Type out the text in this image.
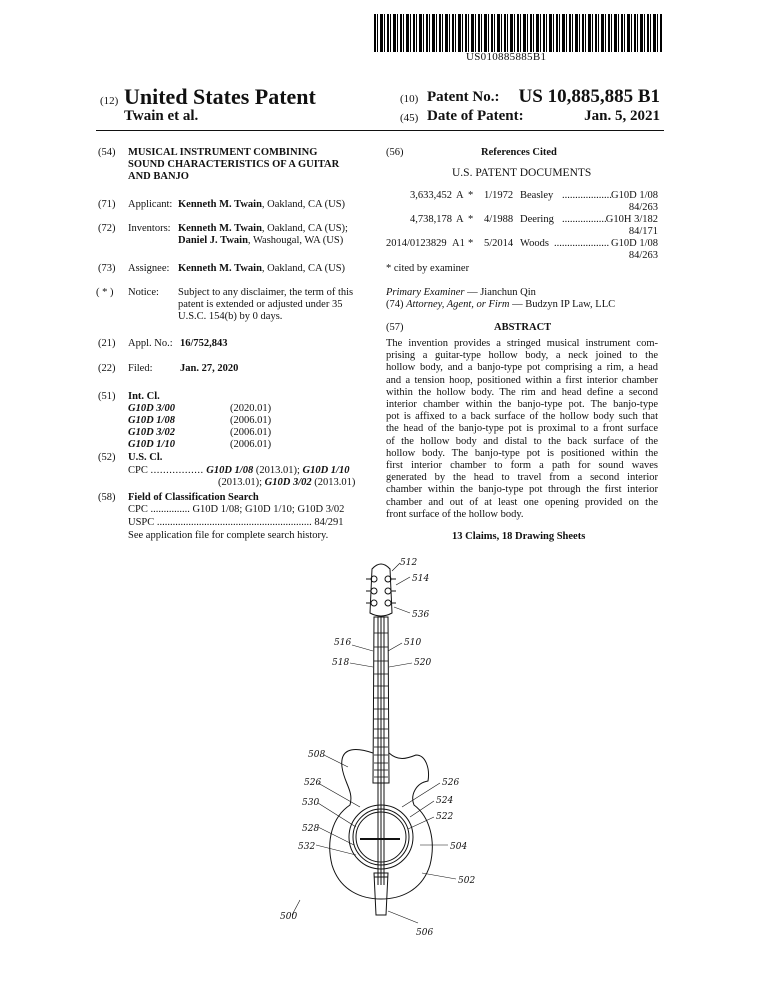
US010885885B1
(12) United States Patent
Twain et al.
(10) Patent No.: US 10,885,885 B1
(45) Date of Patent:	Jan. 5, 2021
(54) MUSICAL INSTRUMENT COMBINING
SOUND CHARACTERISTICS OF A GUITAR
AND BANJO
(71) Applicant: Kenneth M. Twain, Oakland, CA (US)
(72) Inventors: Kenneth M. Twain, Oakland, CA (US);
Daniel J. Twain, Washougal, WA (US)
(73) Assignee: Kenneth M. Twain, Oakland, CA (US)
( * ) Notice: Subject to any disclaimer, the term of this
patent is extended or adjusted under 35
U.S.C. 154(b) by 0 days.
(21) Appl. No.: 16/752,843
(22) Filed:	Jan. 27, 2020
(51) Int. Cl.
G10D 3/00	(2020.01)
G10D 1/08	(2006.01)
G10D 3/02	(2006.01)
G10D 1/10	(2006.01)
(52) U.S. Cl.
CPC ................. G10D 1/08 (2013.01); G10D 1/10
(2013.01); G10D 3/02 (2013.01)
(58) Field of Classification Search
CPC ............... G10D 1/08; G10D 1/10; G10D 3/02
USPC ........................................................... 84/291
See application file for complete search history.
(56)	References Cited
U.S. PATENT DOCUMENTS
3,633,452 A * 1/1972 Beasley ................... G10D 1/08
84/263
4,738,178 A * 4/1988 Deering ................. G10H 3/182
84/171
2014/0123829 A1 * 5/2014 Woods ..................... G10D 1/08
84/263
* cited by examiner
Primary Examiner — Jianchun Qin
(74) Attorney, Agent, or Firm — Budzyn IP Law, LLC
(57)	ABSTRACT
The invention provides a stringed musical instrument com-
prising a guitar-type hollow body, a neck joined to the
hollow body, and a banjo-type pot comprising a rim, a head
and a tension hoop, positioned within a first interior chamber
within the hollow body. The rim and head define a second
interior chamber within the banjo-type pot. The banjo-type
pot is affixed to a back surface of the hollow body such that
the head of the banjo-type pot is proximal to a front surface
of the hollow body and distal to the back surface of the
hollow body. The banjo-type pot is positioned within the
first interior chamber to form a path for sound waves
generated by the head to travel from a second interior
chamber within the banjo-type pot through the first interior
chamber and out of at least one opening provided on the
front surface of the hollow body.
13 Claims, 18 Drawing Sheets
512
514
536
516	510
518	520
508
526	526
530	524
522
528
532	504
502
500
506
